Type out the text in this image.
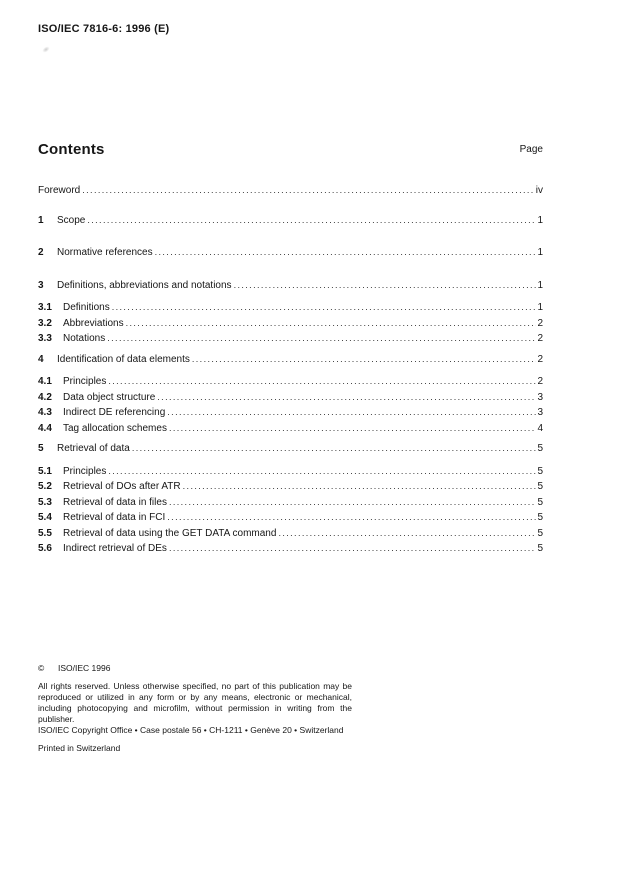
ISO/IEC 7816-6: 1996 (E)
Contents	Page
Foreword .....	iv
1	Scope .....	1
2	Normative references .....	1
3	Definitions, abbreviations and notations .....	1
3.1	Definitions .....	1
3.2	Abbreviations .....	2
3.3	Notations .....	2
4	Identification of data elements .....	2
4.1	Principles .....	2
4.2	Data object structure .....	3
4.3	Indirect DE referencing .....	3
4.4	Tag allocation schemes .....	4
5	Retrieval of data .....	5
5.1	Principles .....	5
5.2	Retrieval of DOs after ATR .....	5
5.3	Retrieval of data in files .....	5
5.4	Retrieval of data in FCI .....	5
5.5	Retrieval of data using the GET DATA command .....	5
5.6	Indirect retrieval of DEs .....	5
©	ISO/IEC 1996
All rights reserved. Unless otherwise specified, no part of this publication may be reproduced or utilized in any form or by any means, electronic or mechanical, including photocopying and microfilm, without permission in writing from the publisher.
ISO/IEC Copyright Office • Case postale 56 • CH-1211 • Genève 20 • Switzerland
Printed in Switzerland
